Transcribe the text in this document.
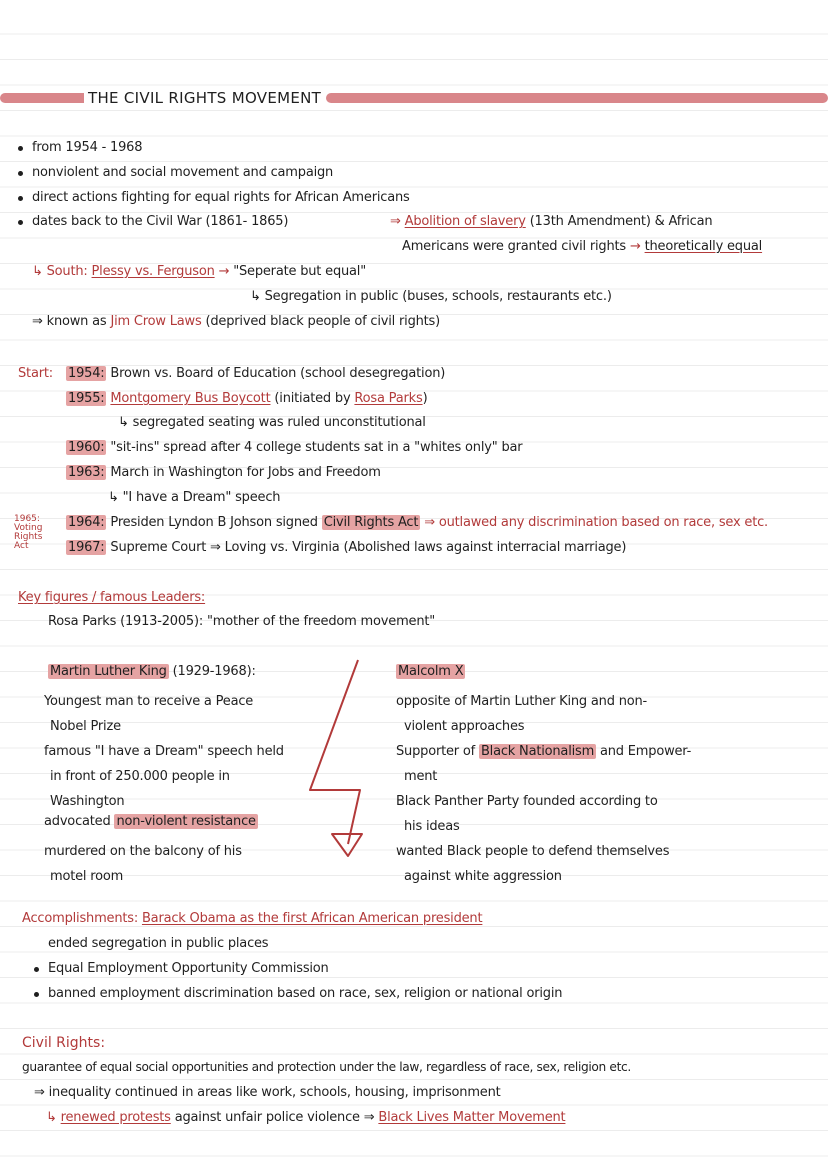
THE CIVIL RIGHTS MOVEMENT
from 1954 - 1968
nonviolent and social movement and campaign
direct actions fighting for equal rights for African Americans
dates back to the Civil War (1861- 1865)	⇒ Abolition of slavery (13th Amendment) & African
Americans were granted civil rights → theoretically equal
↳ South: Plessy vs. Ferguson → "Seperate but equal"
↳ Segregation in public (buses, schools, restaurants etc.)
⇒ known as Jim Crow Laws (deprived black people of civil rights)
Start: 1954: Brown vs. Board of Education (school desegregation)
1955: Montgomery Bus Boycott (initiated by Rosa Parks)
↳ segregated seating was ruled unconstitutional
1960: "sit-ins" spread after 4 college students sat in a "whites only" bar
1963: March in Washington for Jobs and Freedom
↳ "I have a Dream" speech
1965:
Voting
Rights
Act
1964: Presiden Lyndon B Johson signed Civil Rights Act ⇒ outlawed any discrimination based on race, sex etc.
1967: Supreme Court ⇒ Loving vs. Virginia (Abolished laws against interracial marriage)
Key figures / famous Leaders:
Rosa Parks (1913-2005): "mother of the freedom movement"
Martin Luther King (1929-1968):
Youngest man to receive a Peace
Nobel Prize
famous "I have a Dream" speech held
in front of 250.000 people in
Washington
advocated non-violent resistance
murdered on the balcony of his
motel room
Malcolm X
opposite of Martin Luther King and non-
violent approaches
Supporter of Black Nationalism and Empower-
ment
Black Panther Party founded according to
his ideas
wanted Black people to defend themselves
against white aggression
Accomplishments: Barack Obama as the first African American president
ended segregation in public places
Equal Employment Opportunity Commission
banned employment discrimination based on race, sex, religion or national origin
Civil Rights:
guarantee of equal social opportunities and protection under the law, regardless of race, sex, religion etc.
⇒ inequality continued in areas like work, schools, housing, imprisonment
↳ renewed protests against unfair police violence ⇒ Black Lives Matter Movement
